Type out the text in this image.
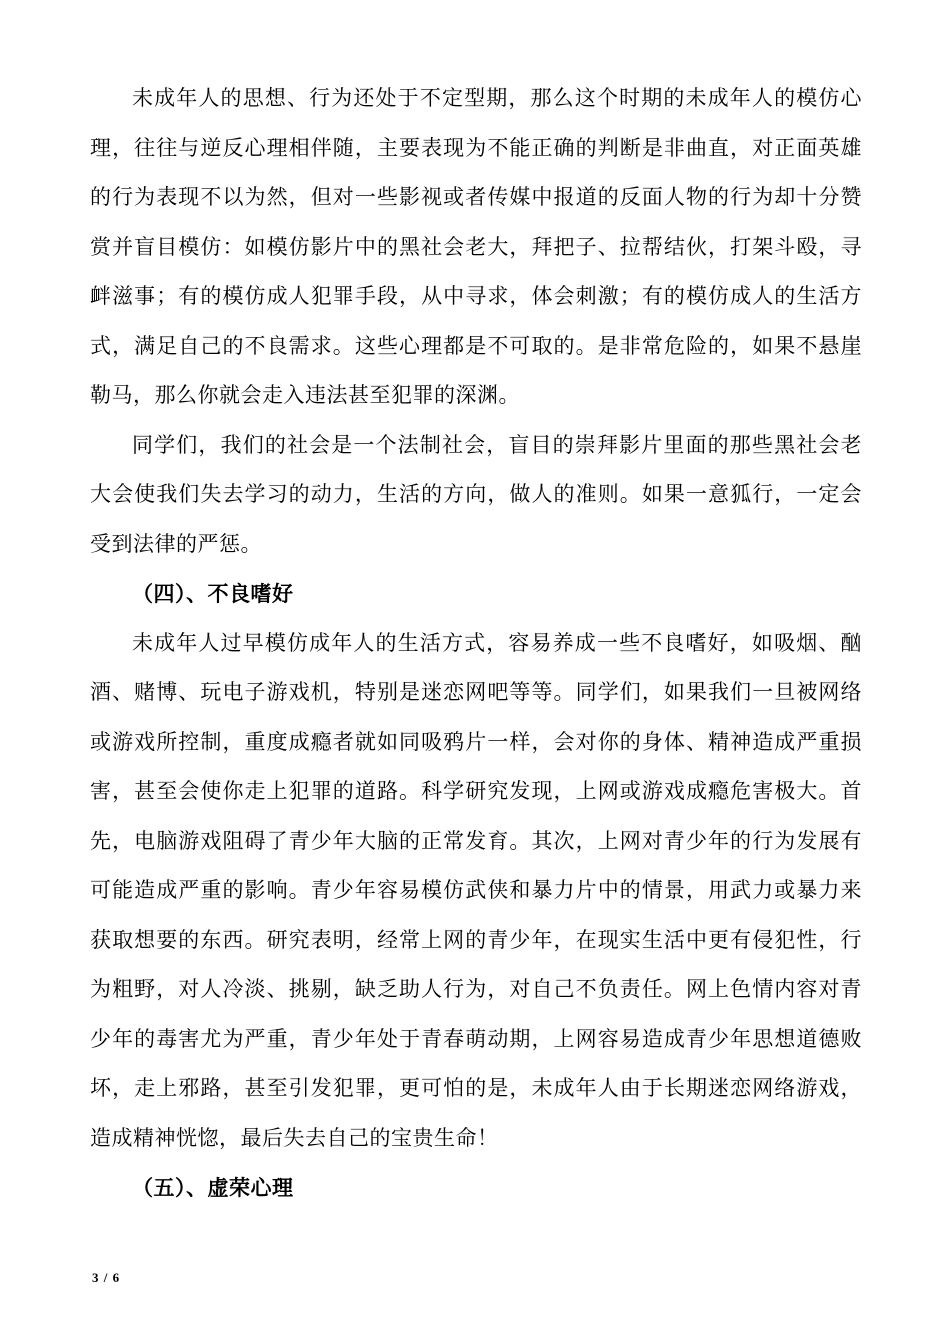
未成年人的思想、行为还处于不定型期，那么这个时期的未成年人的模仿心理，往往与逆反心理相伴随，主要表现为不能正确的判断是非曲直，对正面英雄的行为表现不以为然，但对一些影视或者传媒中报道的反面人物的行为却十分赞赏并盲目模仿：如模仿影片中的黑社会老大，拜把子、拉帮结伙，打架斗殴，寻衅滋事；有的模仿成人犯罪手段，从中寻求，体会刺激；有的模仿成人的生活方式，满足自己的不良需求。这些心理都是不可取的。是非常危险的，如果不悬崖勒马，那么你就会走入违法甚至犯罪的深渊。

同学们，我们的社会是一个法制社会，盲目的崇拜影片里面的那些黑社会老大会使我们失去学习的动力，生活的方向，做人的准则。如果一意狐行，一定会受到法律的严惩。

（四）、不良嗜好

未成年人过早模仿成年人的生活方式，容易养成一些不良嗜好，如吸烟、酗酒、赌博、玩电子游戏机，特别是迷恋网吧等等。同学们，如果我们一旦被网络或游戏所控制，重度成瘾者就如同吸鸦片一样，会对你的身体、精神造成严重损害，甚至会使你走上犯罪的道路。科学研究发现，上网或游戏成瘾危害极大。首先，电脑游戏阻碍了青少年大脑的正常发育。其次，上网对青少年的行为发展有可能造成严重的影响。青少年容易模仿武侠和暴力片中的情景，用武力或暴力来获取想要的东西。研究表明，经常上网的青少年，在现实生活中更有侵犯性，行为粗野，对人冷淡、挑剔，缺乏助人行为，对自己不负责任。网上色情内容对青少年的毒害尤为严重，青少年处于青春萌动期，上网容易造成青少年思想道德败坏，走上邪路，甚至引发犯罪，更可怕的是，未成年人由于长期迷恋网络游戏，造成精神恍惚，最后失去自己的宝贵生命！

（五）、虚荣心理

3 / 6
